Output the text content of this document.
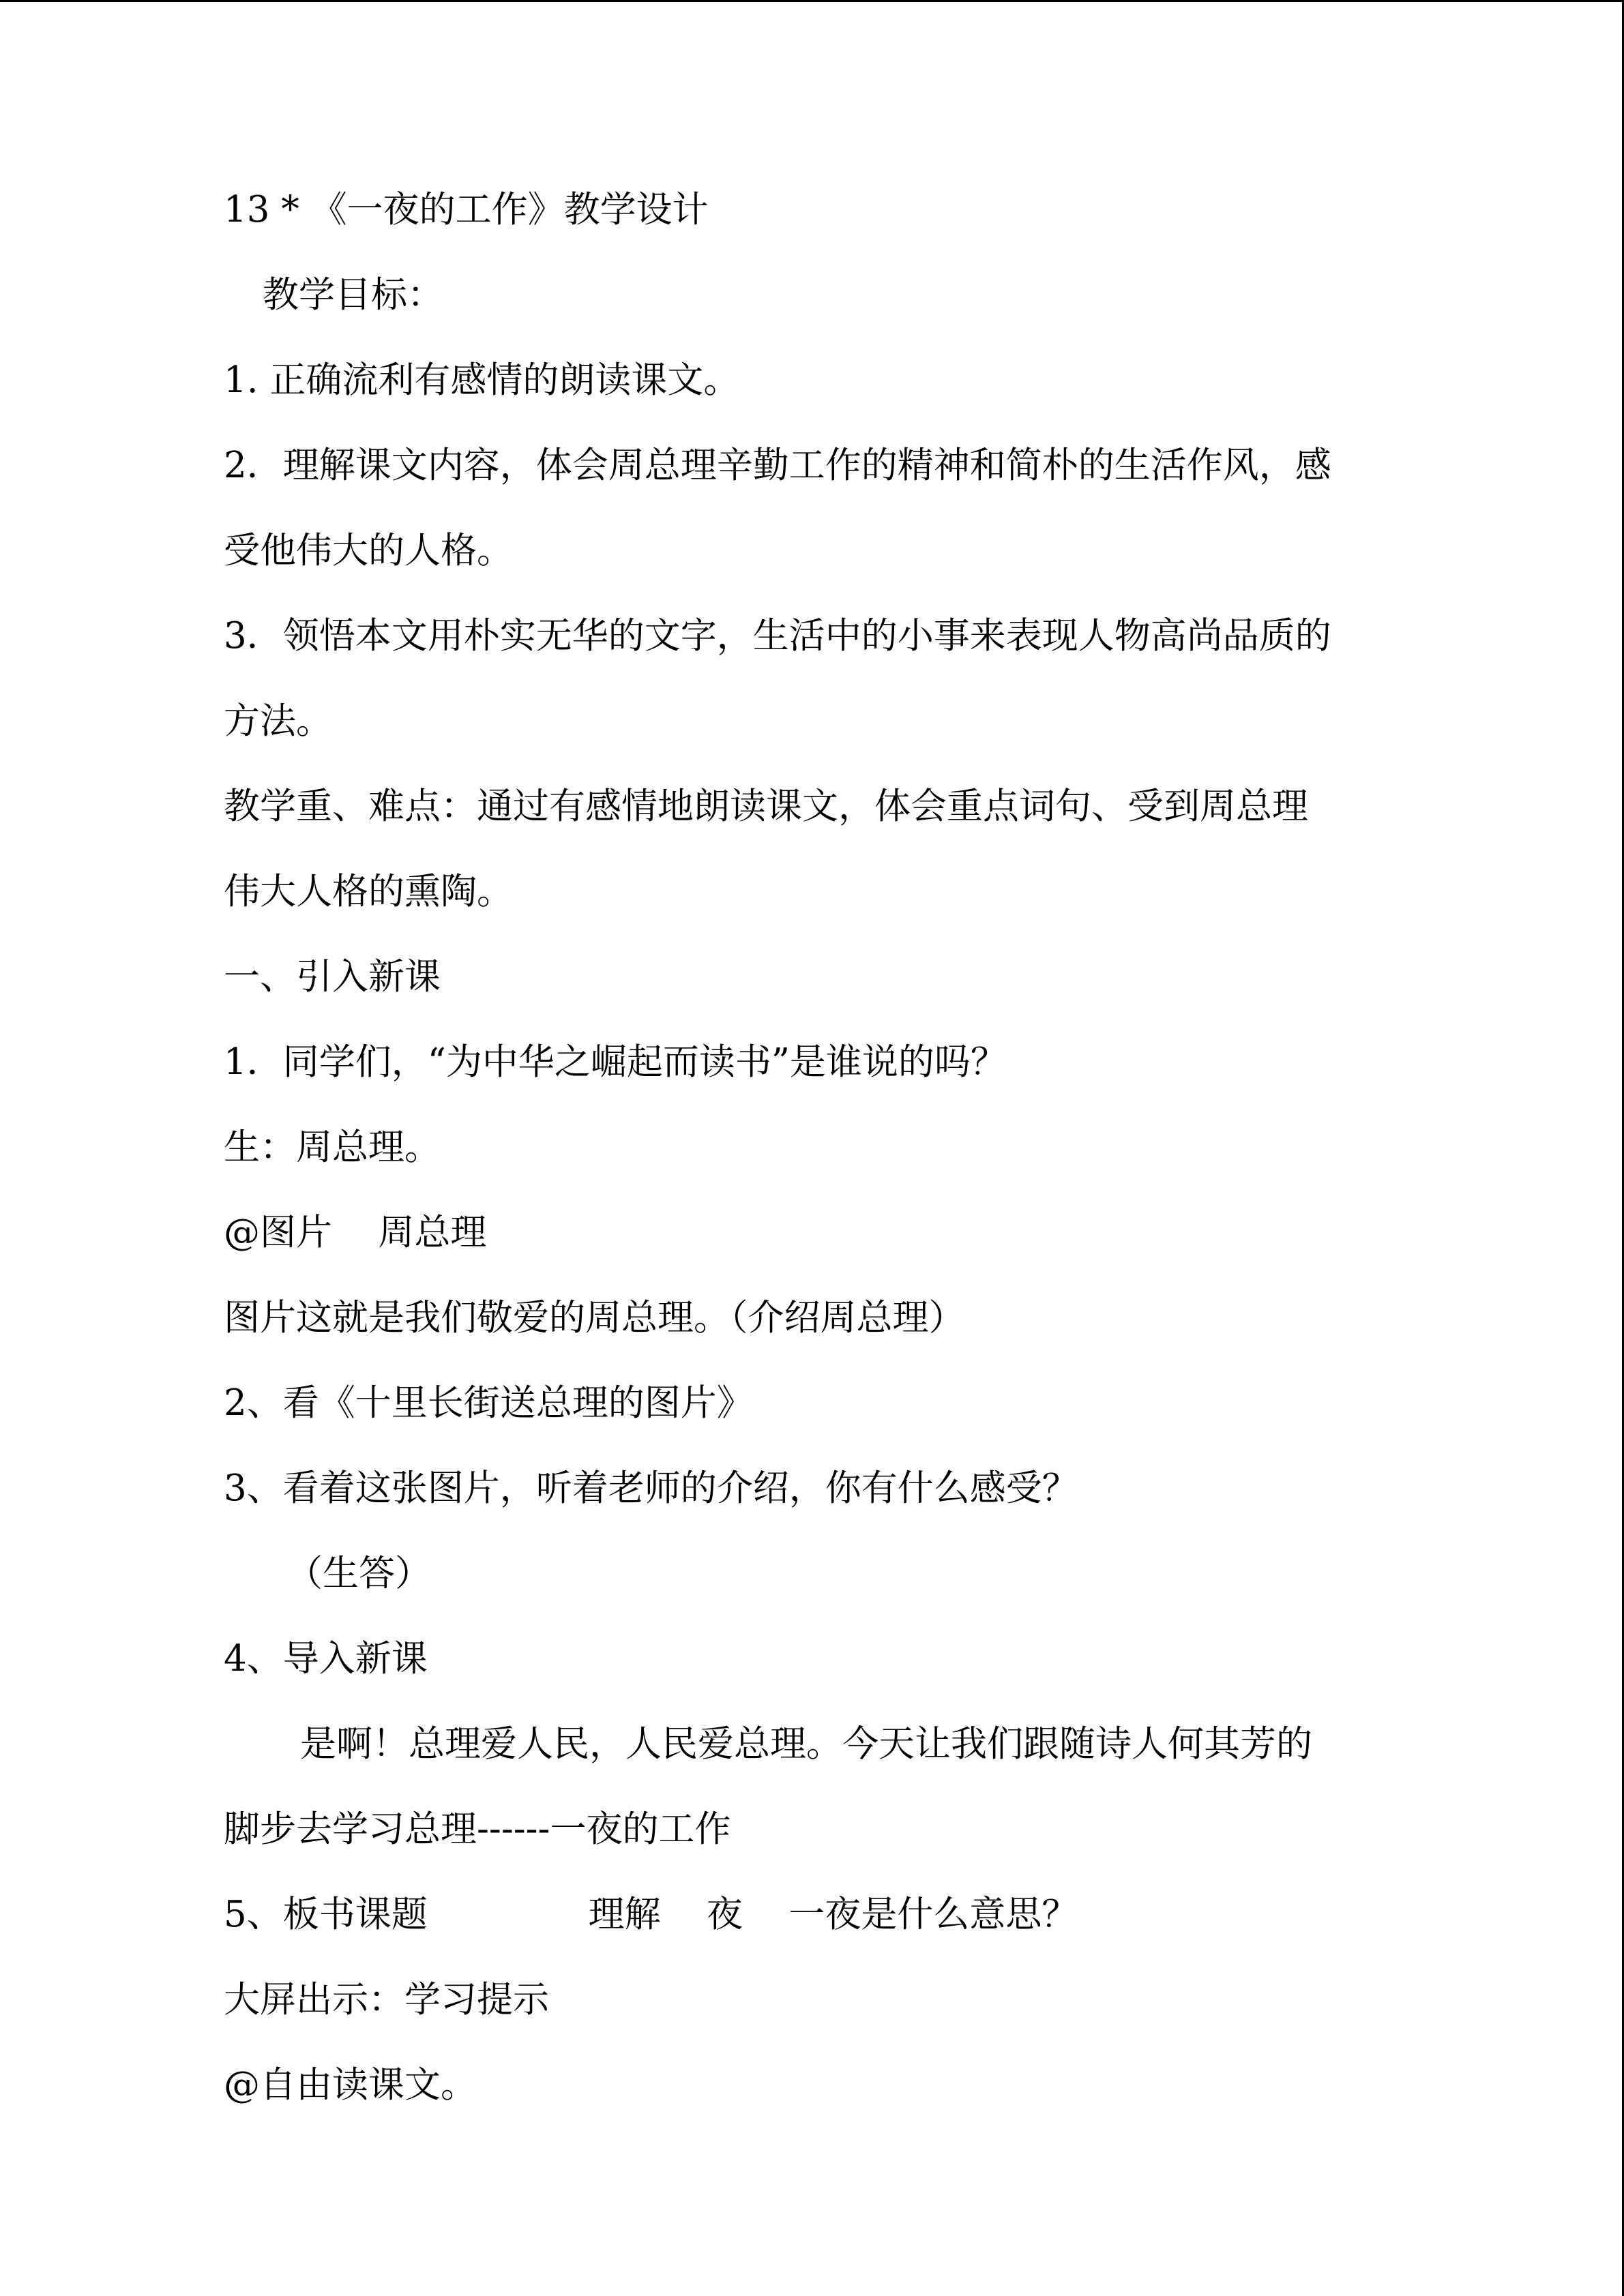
13 * 《一夜的工作》教学设计
教学目标：
1. 正确流利有感情的朗读课文。
2．理解课文内容，体会周总理辛勤工作的精神和简朴的生活作风，感
受他伟大的人格。
3．领悟本文用朴实无华的文字，生活中的小事来表现人物高尚品质的
方法。
教学重、难点：通过有感情地朗读课文，体会重点词句、受到周总理
伟大人格的熏陶。
一、引入新课
1．同学们，“为中华之崛起而读书”是谁说的吗？
生：周总理。
@图片    周总理
图片这就是我们敬爱的周总理。（介绍周总理）
2、看《十里长街送总理的图片》
3、看着这张图片，听着老师的介绍，你有什么感受？
（生答）
4、导入新课
是啊！总理爱人民，人民爱总理。今天让我们跟随诗人何其芳的
脚步去学习总理------一夜的工作
5、板书课题              理解    夜    一夜是什么意思？
大屏出示：学习提示
@自由读课文。
